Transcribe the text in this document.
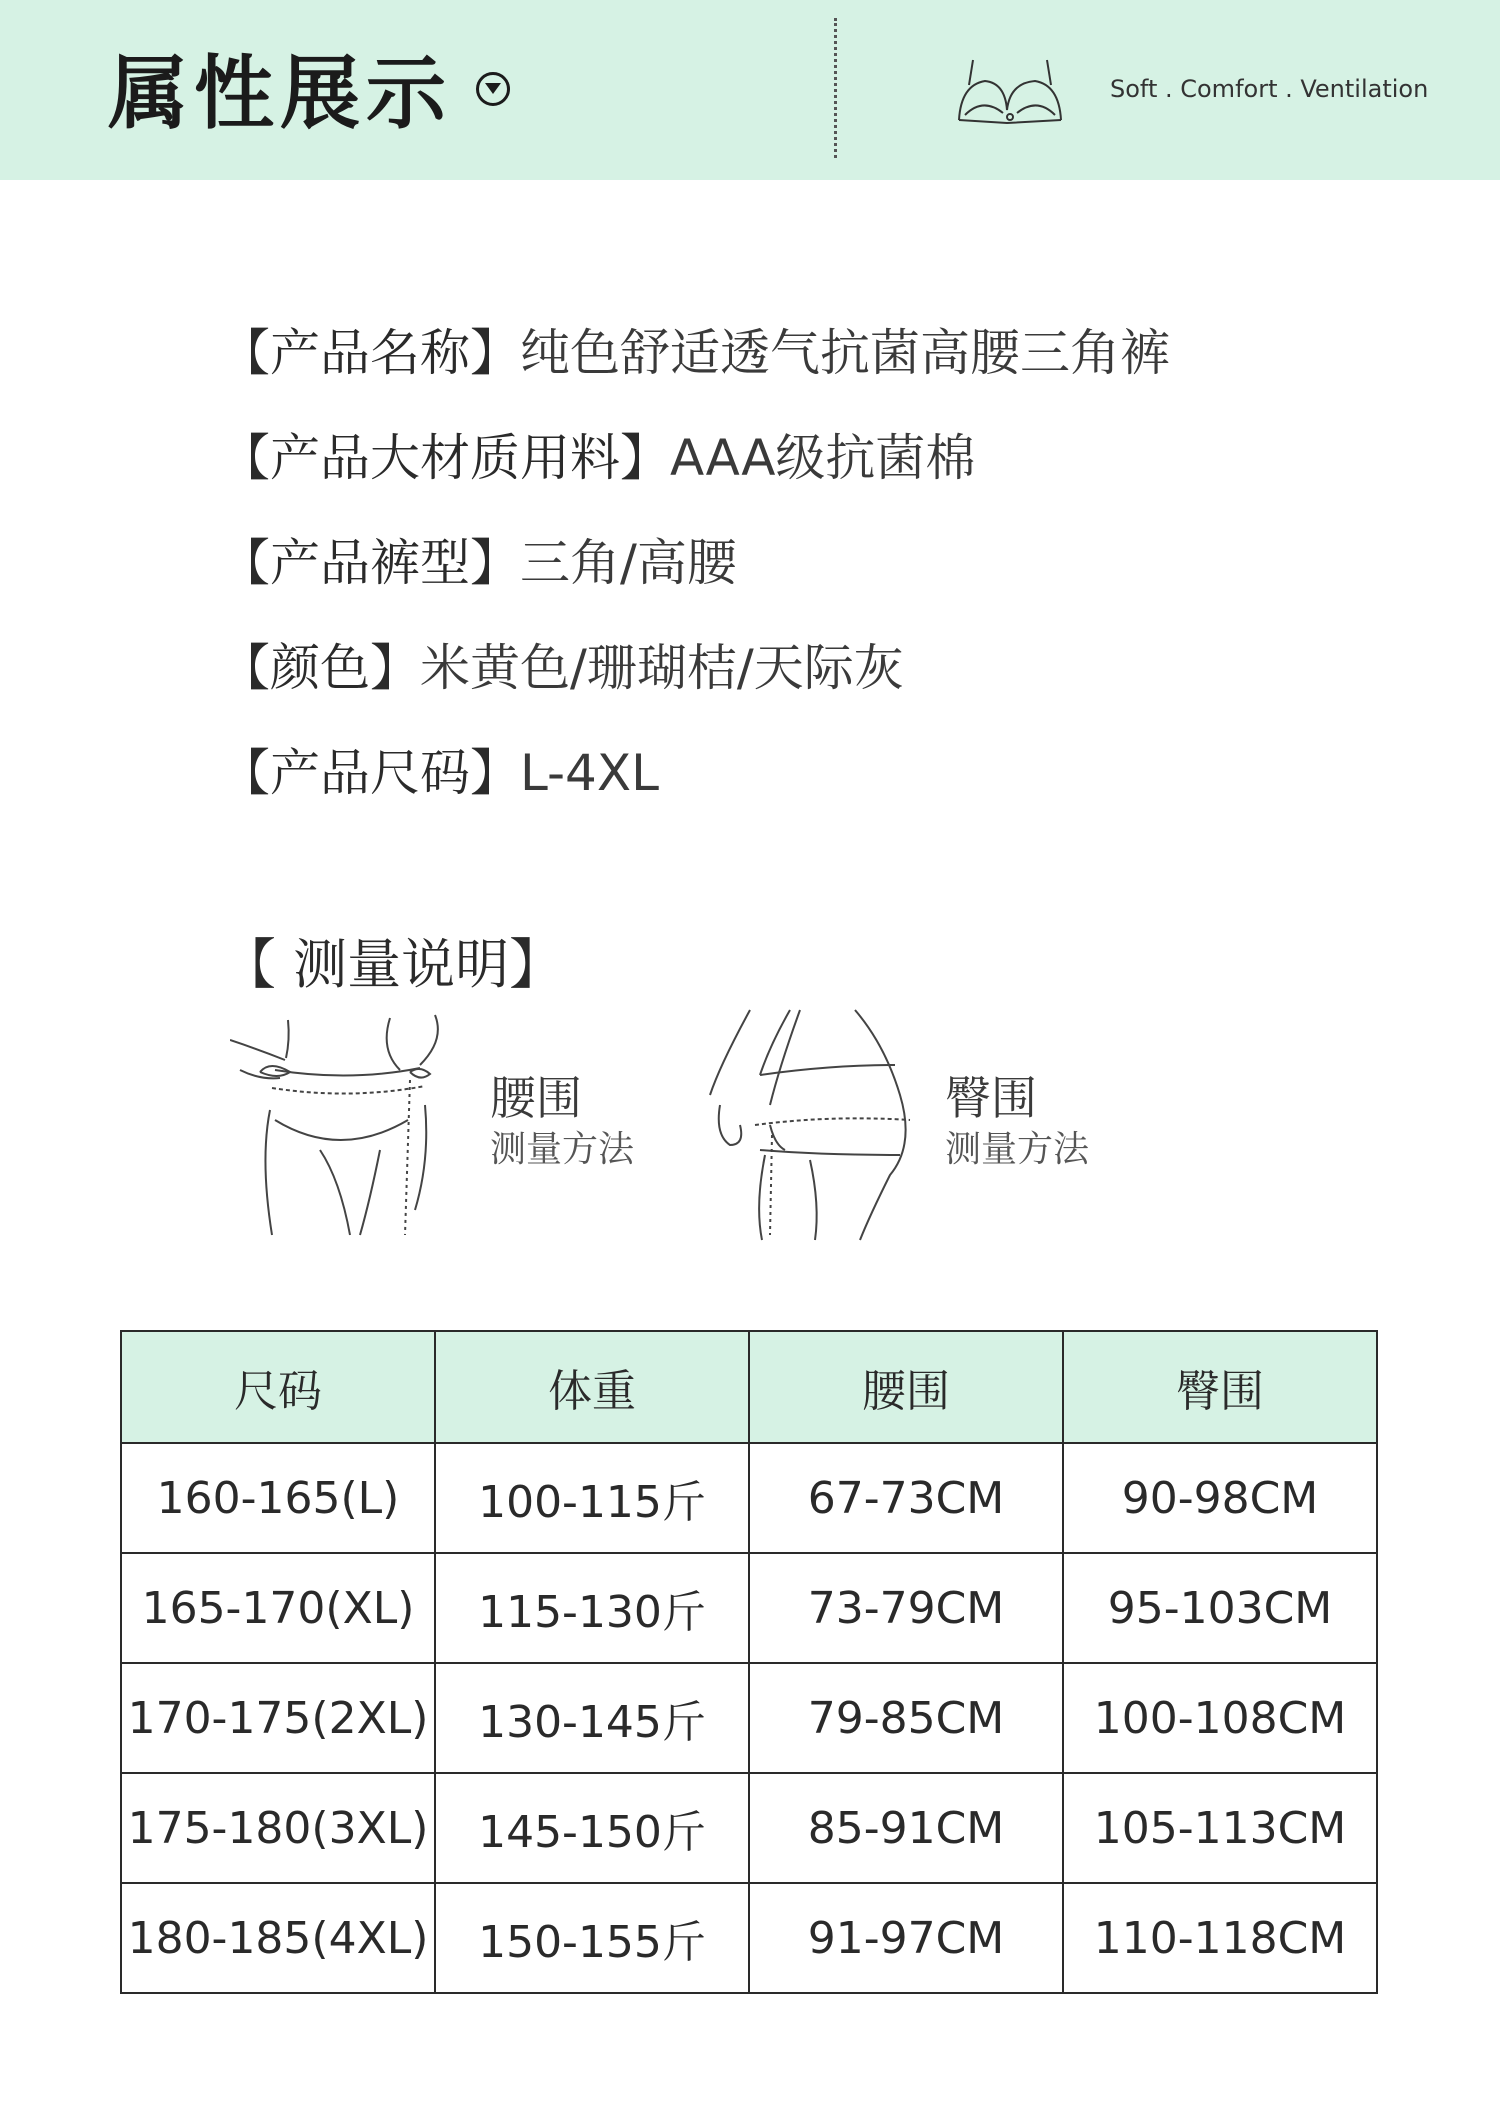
属性展示	Soft . Comfort . Ventilation
【产品名称】纯色舒适透气抗菌高腰三角裤
【产品大材质用料】AAA级抗菌棉
【产品裤型】三角/高腰
【颜色】米黄色/珊瑚桔/天际灰
【产品尺码】L-4XL
【 测量说明】
腰围
测量方法
臀围
测量方法
尺码	体重	腰围	臀围
160-165(L)	100-115斤	67-73CM	90-98CM
165-170(XL)	115-130斤	73-79CM	95-103CM
170-175(2XL)	130-145斤	79-85CM	100-108CM
175-180(3XL)	145-150斤	85-91CM	105-113CM
180-185(4XL)	150-155斤	91-97CM	110-118CM
